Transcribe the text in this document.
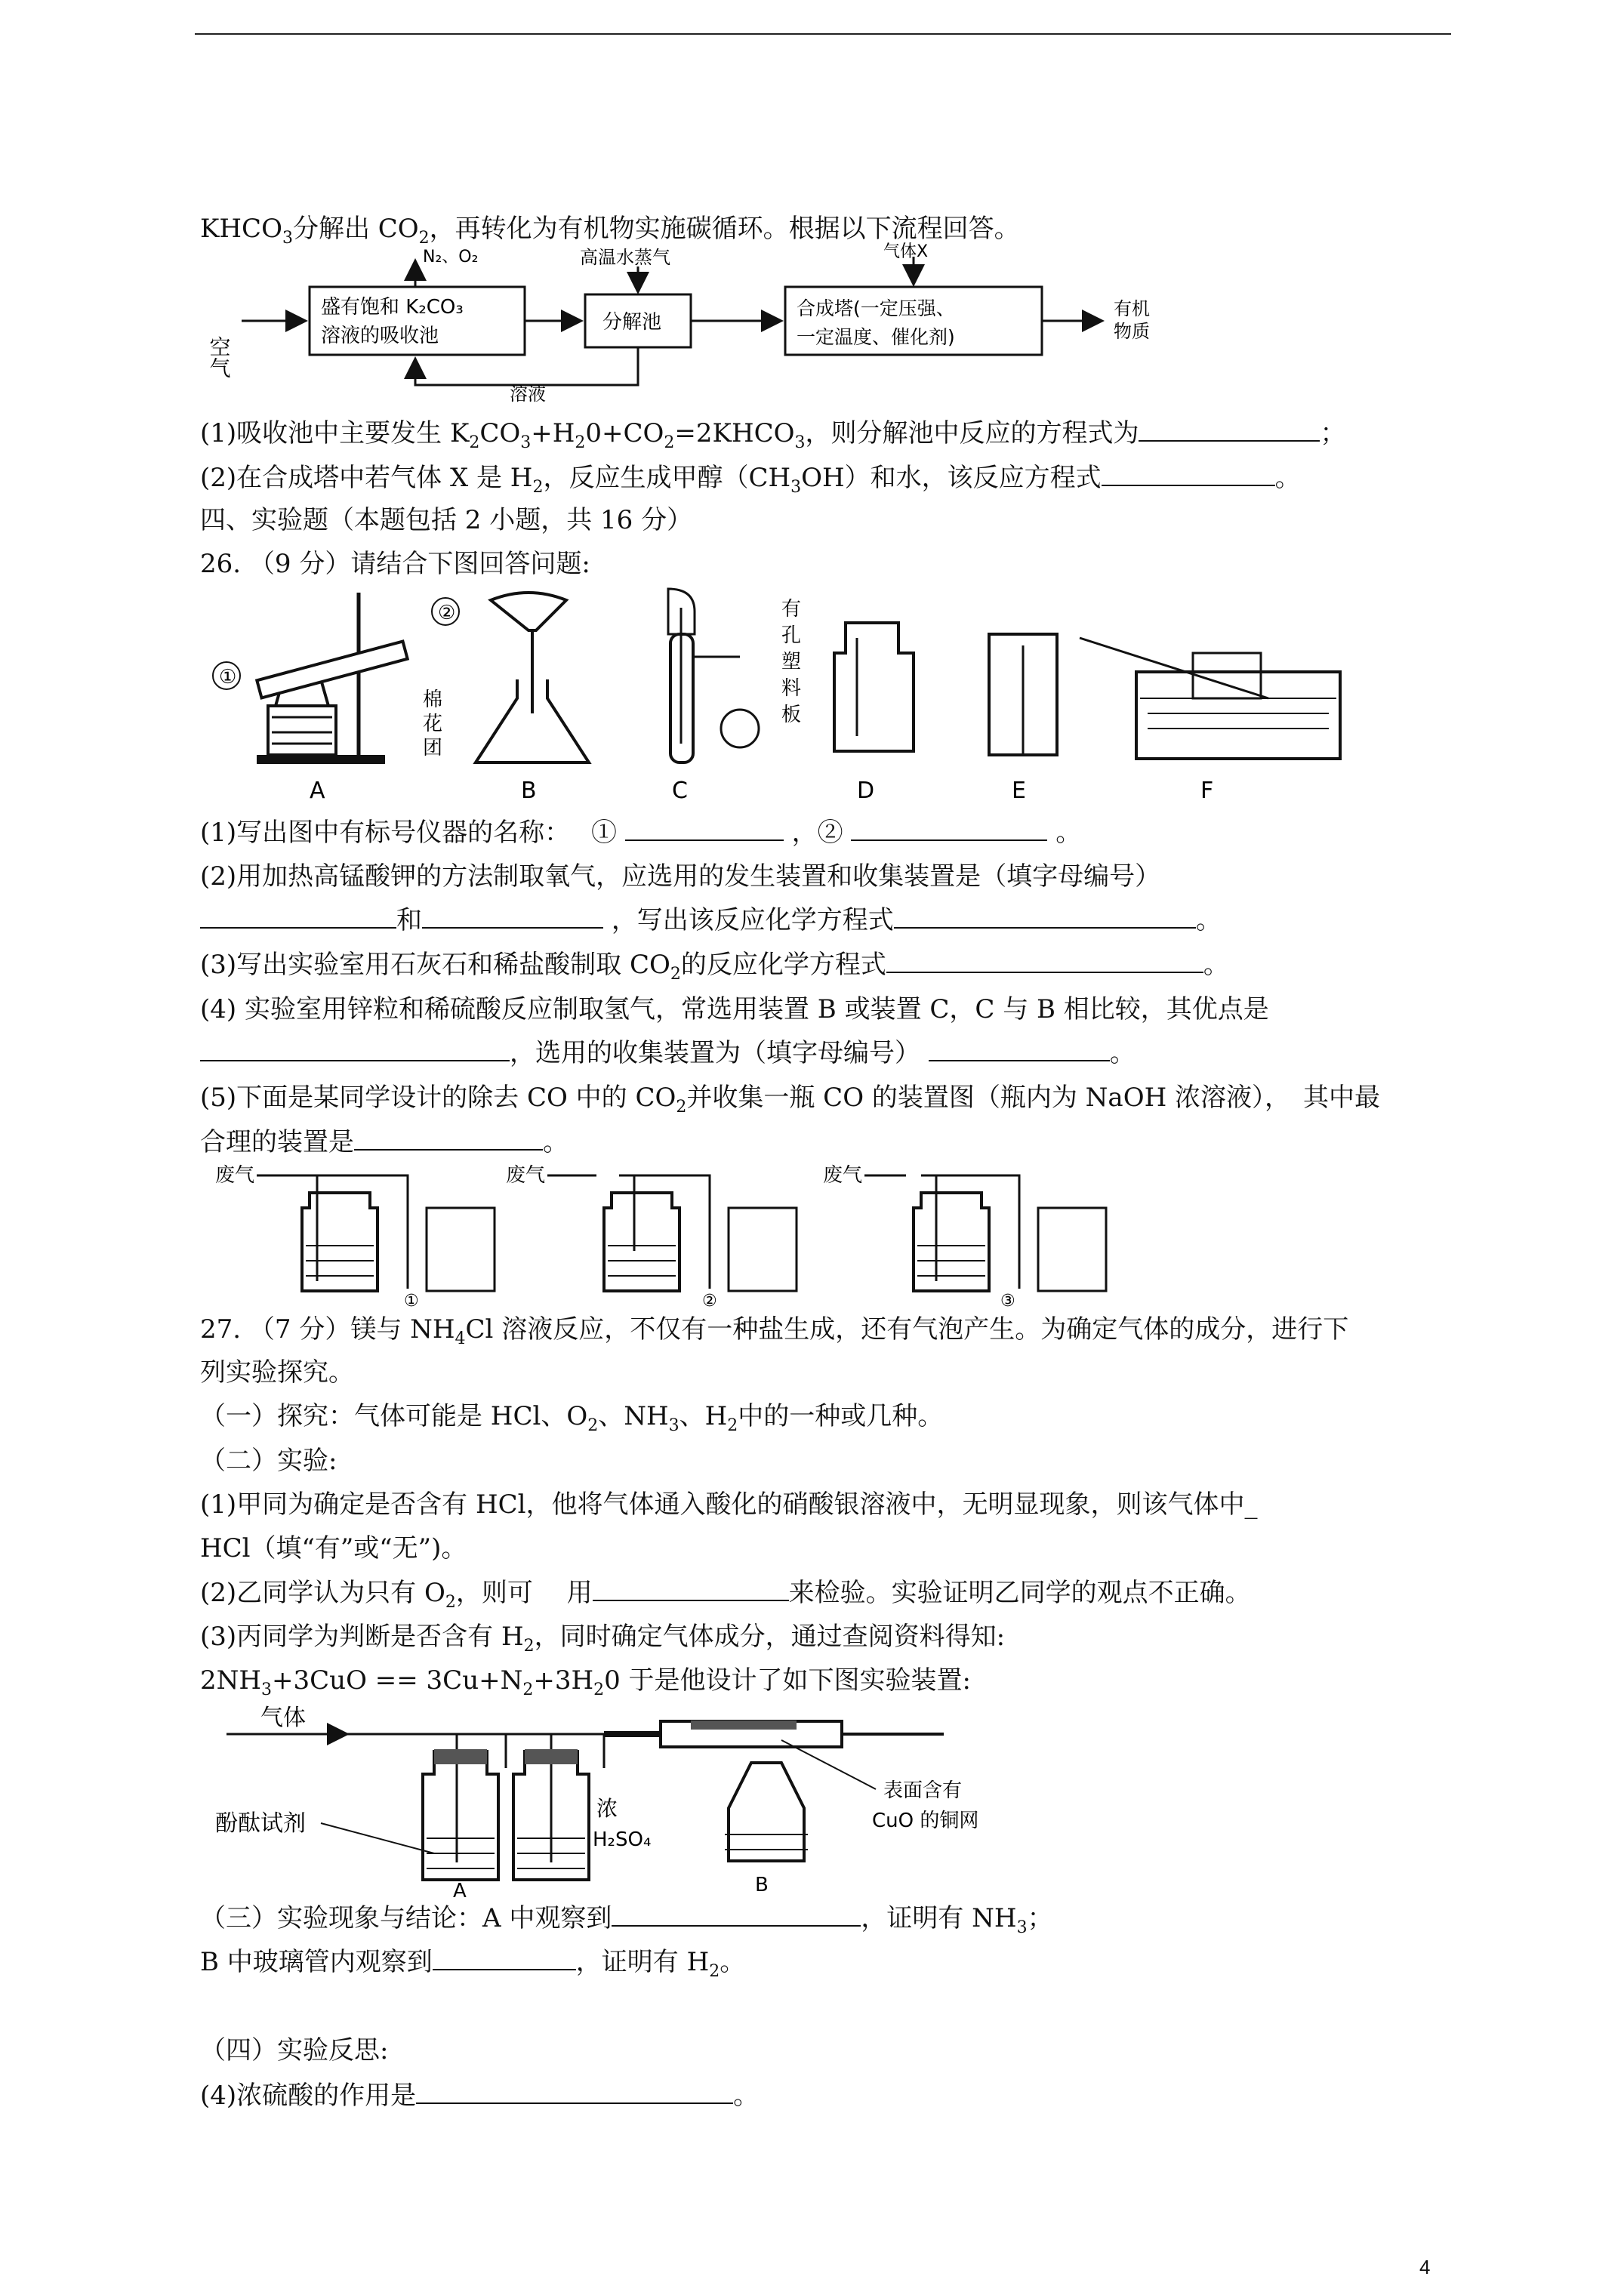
$KHCO_3$分解出 $CO_2$，再转化为有机物实施碳循环。根据以下流程回答。
空气
盛有饱和 K₂CO₃
溶液的吸收池
N₂、O₂
分解池
高温水蒸气
合成塔(一定压强、
一定温度、催化剂)
气体X
有机
物质
溶液
(1)吸收池中主要发生 $K_2CO_3+H_20+CO_2=2KHCO_3$，则分解池中反应的方程式为	；
(2)在合成塔中若气体 X 是 $H_2$，反应生成甲醇$(CH_3OH)$和水，该反应方程式	。
四、实验题（本题包括 2 小题，共 16 分）
26. （9 分）请结合下图回答问题:
①
棉
花
团
A
②
B
有
孔
塑
料
板
C	D	E	F
(1)写出图中有标号仪器的名称：　 ①	，②	。
(2)用加热高锰酸钾的方法制取氧气，应选用的发生装置和收集装置是（填字母编号）
和	，写出该反应化学方程式	。
(3)写出实验室用石灰石和稀盐酸制取 $CO_2$的反应化学方程式	。
(4) 实验室用锌粒和稀硫酸反应制取氢气，常选用装置 B 或装置 C，C 与 B 相比较，其优点是
，选用的收集装置为（填字母编号）	。
(5)下面是某同学设计的除去 CO 中的 $CO_2$并收集一瓶 CO 的装置图（瓶内为 NaOH 浓溶液），　其中最
合理的装置是	。
废气
①
废气
②
废气
③
27. （7 分）镁与 $NH_4Cl$ 溶液反应，不仅有一种盐生成，还有气泡产生。为确定气体的成分，进行下
列实验探究。
（一）探究：气体可能是 HCl、$O_2$、$NH_3$、$H_2$中的一种或几种。
（二）实验:
(1)甲同为确定是否含有 HCl，他将气体通入酸化的硝酸银溶液中，无明显现象，则该气体中_
HCl（填“有”或“无”)。
(2)乙同学认为只有 $O_2$，则可　 用	来检验。实验证明乙同学的观点不正确。
(3)丙同学为判断是否含有 $H_2$，同时确定气体成分，通过查阅资料得知:
$2NH_3+3CuO == 3Cu+N_2+3H_20$ 于是他设计了如下图实验装置:
气体
酚酞试剂
A
浓
H₂SO₄
表面含有
CuO 的铜网
B
（三）实验现象与结论：A 中观察到	，证明有 $NH_3$；
B 中玻璃管内观察到	，证明有 $H_2$。
（四）实验反思:
(4)浓硫酸的作用是	。
4
